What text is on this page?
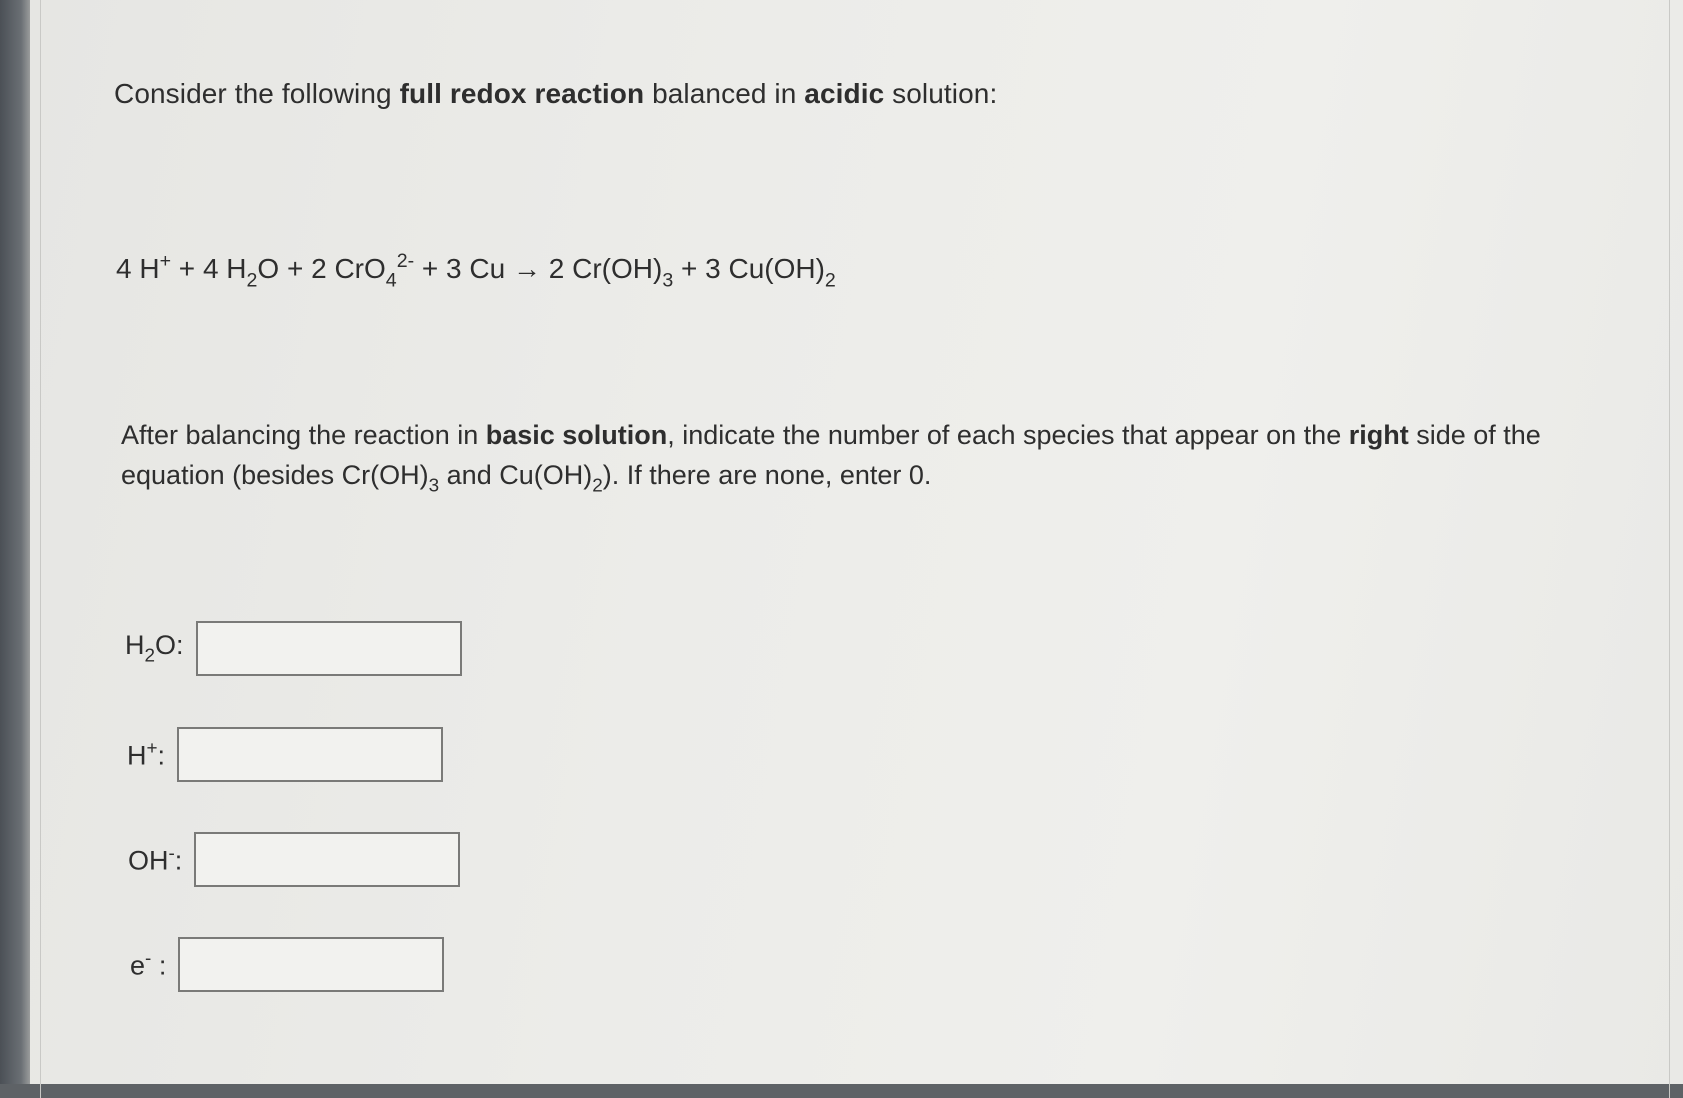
Consider the following full redox reaction balanced in acidic solution:
4 H+ + 4 $H_2O + 2$ CrO$_4^{2-}$ + 3 Cu → 2 $Cr(OH)_3 + 3$ $Cu(OH)_2$
After balancing the reaction in basic solution, indicate the number of each species that appear on the right side of the equation (besides $Cr(OH)_3$ and $Cu(OH)_2$). If there are none, enter 0.
$H_2O$:
H+:
OH-:
e- :
